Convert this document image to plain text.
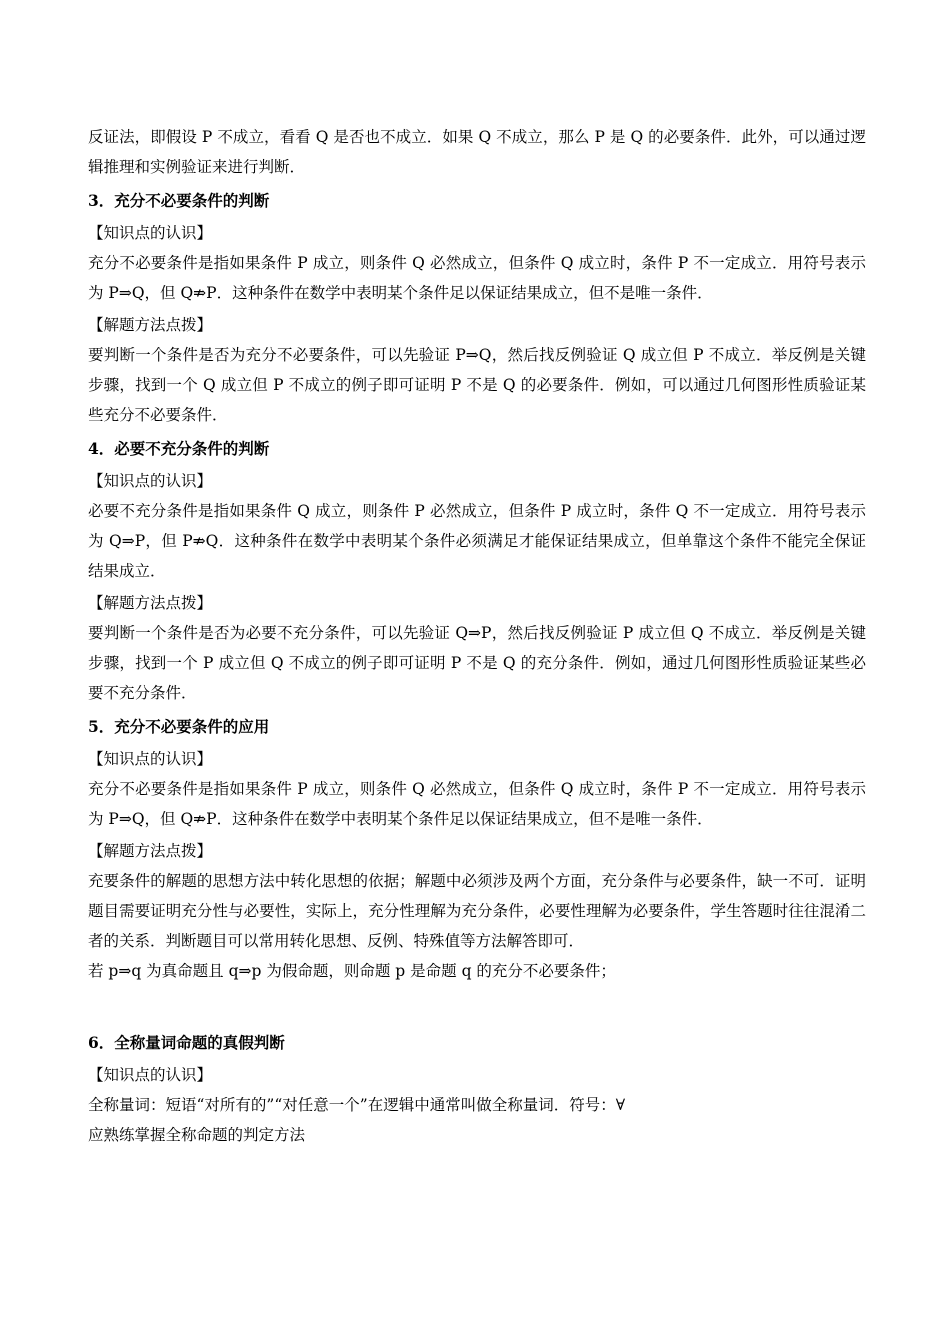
反证法，即假设 P 不成立，看看 Q 是否也不成立．如果 Q 不成立，那么 P 是 Q 的必要条件．此外，可以通过逻辑推理和实例验证来进行判断．

3．充分不必要条件的判断

【知识点的认识】

充分不必要条件是指如果条件 P 成立，则条件 Q 必然成立，但条件 Q 成立时，条件 P 不一定成立．用符号表示为 P⇒Q，但 Q⇏P．这种条件在数学中表明某个条件足以保证结果成立，但不是唯一条件．

【解题方法点拨】

要判断一个条件是否为充分不必要条件，可以先验证 P⇒Q，然后找反例验证 Q 成立但 P 不成立．举反例是关键步骤，找到一个 Q 成立但 P 不成立的例子即可证明 P 不是 Q 的必要条件．例如，可以通过几何图形性质验证某些充分不必要条件．

4．必要不充分条件的判断

【知识点的认识】

必要不充分条件是指如果条件 Q 成立，则条件 P 必然成立，但条件 P 成立时，条件 Q 不一定成立．用符号表示为 Q⇒P，但 P⇏Q．这种条件在数学中表明某个条件必须满足才能保证结果成立，但单靠这个条件不能完全保证结果成立．

【解题方法点拨】

要判断一个条件是否为必要不充分条件，可以先验证 Q⇒P，然后找反例验证 P 成立但 Q 不成立．举反例是关键步骤，找到一个 P 成立但 Q 不成立的例子即可证明 P 不是 Q 的充分条件．例如，通过几何图形性质验证某些必要不充分条件．

5．充分不必要条件的应用

【知识点的认识】

充分不必要条件是指如果条件 P 成立，则条件 Q 必然成立，但条件 Q 成立时，条件 P 不一定成立．用符号表示为 P⇒Q，但 Q⇏P．这种条件在数学中表明某个条件足以保证结果成立，但不是唯一条件．

【解题方法点拨】

充要条件的解题的思想方法中转化思想的依据；解题中必须涉及两个方面，充分条件与必要条件，缺一不可．证明题目需要证明充分性与必要性，实际上，充分性理解为充分条件，必要性理解为必要条件，学生答题时往往混淆二者的关系．判断题目可以常用转化思想、反例、特殊值等方法解答即可．

若 p⇒q 为真命题且 q⇒p 为假命题，则命题 p 是命题 q 的充分不必要条件；

6．全称量词命题的真假判断

【知识点的认识】

全称量词：短语“对所有的”“对任意一个”在逻辑中通常叫做全称量词．符号：∀

应熟练掌握全称命题的判定方法
